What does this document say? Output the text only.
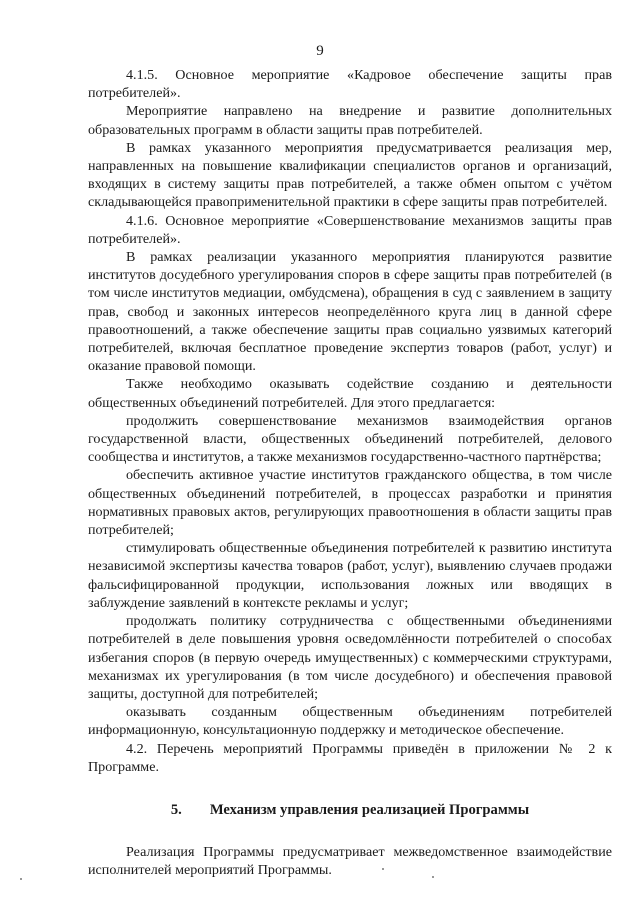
9

4.1.5. Основное мероприятие «Кадровое обеспечение защиты прав потребителей».

Мероприятие направлено на внедрение и развитие дополнительных образовательных программ в области защиты прав потребителей.

В рамках указанного мероприятия предусматривается реализация мер, направленных на повышение квалификации специалистов органов и организаций, входящих в систему защиты прав потребителей, а также обмен опытом с учётом складывающейся правоприменительной практики в сфере защиты прав потребителей.

4.1.6. Основное мероприятие «Совершенствование механизмов защиты прав потребителей».

В рамках реализации указанного мероприятия планируются развитие институтов досудебного урегулирования споров в сфере защиты прав потребителей (в том числе институтов медиации, омбудсмена), обращения в суд с заявлением в защиту прав, свобод и законных интересов неопределённого круга лиц в данной сфере правоотношений, а также обеспечение защиты прав социально уязвимых категорий потребителей, включая бесплатное проведение экспертиз товаров (работ, услуг) и оказание правовой помощи.

Также необходимо оказывать содействие созданию и деятельности общественных объединений потребителей. Для этого предлагается:

продолжить совершенствование механизмов взаимодействия органов государственной власти, общественных объединений потребителей, делового сообщества и институтов, а также механизмов государственно-частного партнёрства;

обеспечить активное участие институтов гражданского общества, в том числе общественных объединений потребителей, в процессах разработки и принятия нормативных правовых актов, регулирующих правоотношения в области защиты прав потребителей;

стимулировать общественные объединения потребителей к развитию института независимой экспертизы качества товаров (работ, услуг), выявлению случаев продажи фальсифицированной продукции, использования ложных или вводящих в заблуждение заявлений в контексте рекламы и услуг;

продолжать политику сотрудничества с общественными объединениями потребителей в деле повышения уровня осведомлённости потребителей о способах избегания споров (в первую очередь имущественных) с коммерческими структурами, механизмах их урегулирования (в том числе досудебного) и обеспечения правовой защиты, доступной для потребителей;

оказывать созданным общественным объединениям потребителей информационную, консультационную поддержку и методическое обеспечение.

4.2. Перечень мероприятий Программы приведён в приложении № 2 к Программе.

5. Механизм управления реализацией Программы

Реализация Программы предусматривает межведомственное взаимодействие исполнителей мероприятий Программы.
